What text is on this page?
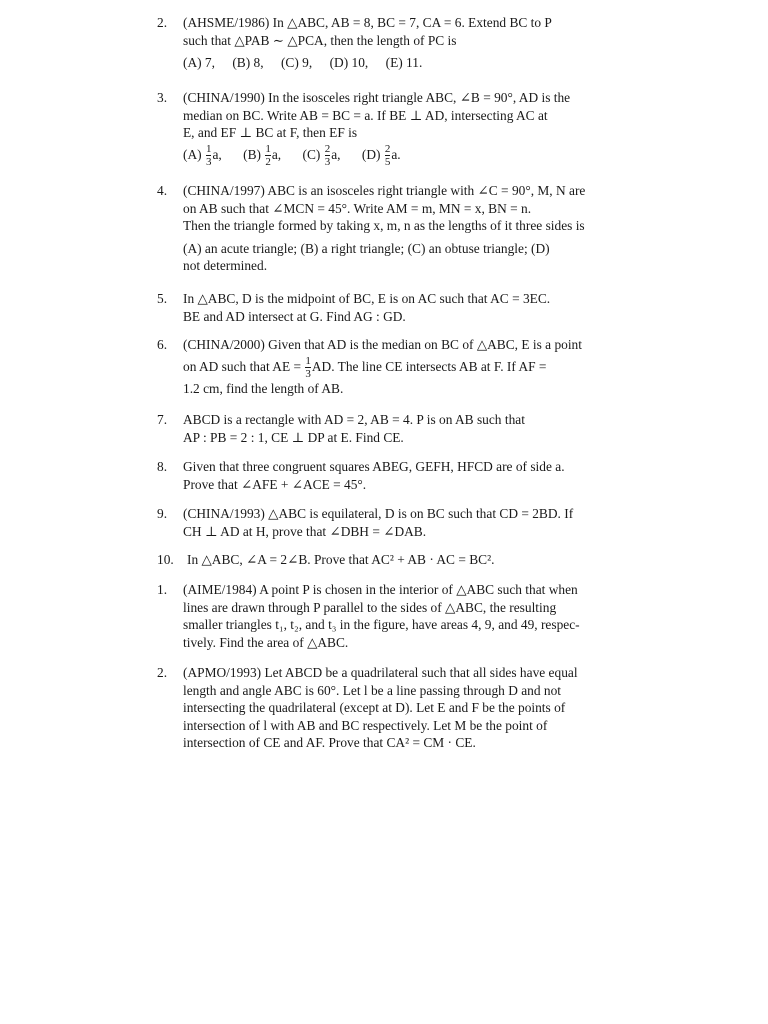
2.	(AHSME/1986) In △ABC, AB = 8, BC = 7, CA = 6. Extend BC to P
such that △PAB ∼ △PCA, then the length of PC is
(A) 7, (B) 8, (C) 9, (D) 10, (E) 11.
3.	(CHINA/1990) In the isosceles right triangle ABC, ∠B = 90°, AD is the
median on BC. Write AB = BC = a. If BE ⊥ AD, intersecting AC at
E, and EF ⊥ BC at F, then EF is
$(A) \frac{1}{3} a$, $(B) \frac{1}{2} a$, $(C) \frac{2}{3} a$, $(D) \frac{2}{5} a$.
4.	(CHINA/1997) ABC is an isosceles right triangle with ∠C = 90°, M, N are
on AB such that ∠MCN = 45°. Write AM = m, MN = x, BN = n.
Then the triangle formed by taking x, m, n as the lengths of it three sides is
(A) an acute triangle; (B) a right triangle; (C) an obtuse triangle; (D)
not determined.
5.	In △ABC, D is the midpoint of BC, E is on AC such that AC = 3EC.
BE and AD intersect at G. Find AG : GD.
6.	(CHINA/2000) Given that AD is the median on BC of △ABC, E is a point
on AD such that AE = $\frac{1}{3}$ AD. The line CE intersects AB at F. If AF =
1.2 cm, find the length of AB.
7.	ABCD is a rectangle with AD = 2, AB = 4. P is on AB such that
AP : PB = 2 : 1, CE ⊥ DP at E. Find CE.
8.	Given that three congruent squares ABEG, GEFH, HFCD are of side a.
Prove that ∠AFE + ∠ACE = 45°.
9.	(CHINA/1993) △ABC is equilateral, D is on BC such that CD = 2BD. If
CH ⊥ AD at H, prove that ∠DBH = ∠DAB.
10. In △ABC, ∠A = 2∠B. Prove that AC² + AB · AC = BC².
1.	(AIME/1984) A point P is chosen in the interior of △ABC such that when
lines are drawn through P parallel to the sides of △ABC, the resulting
smaller triangles t₁, t₂, and t₃ in the figure, have areas 4, 9, and 49, respec-
tively. Find the area of △ABC.
2.	(APMO/1993) Let ABCD be a quadrilateral such that all sides have equal
length and angle ABC is 60°. Let l be a line passing through D and not
intersecting the quadrilateral (except at D). Let E and F be the points of
intersection of l with AB and BC respectively. Let M be the point of
intersection of CE and AF. Prove that CA² = CM · CE.
